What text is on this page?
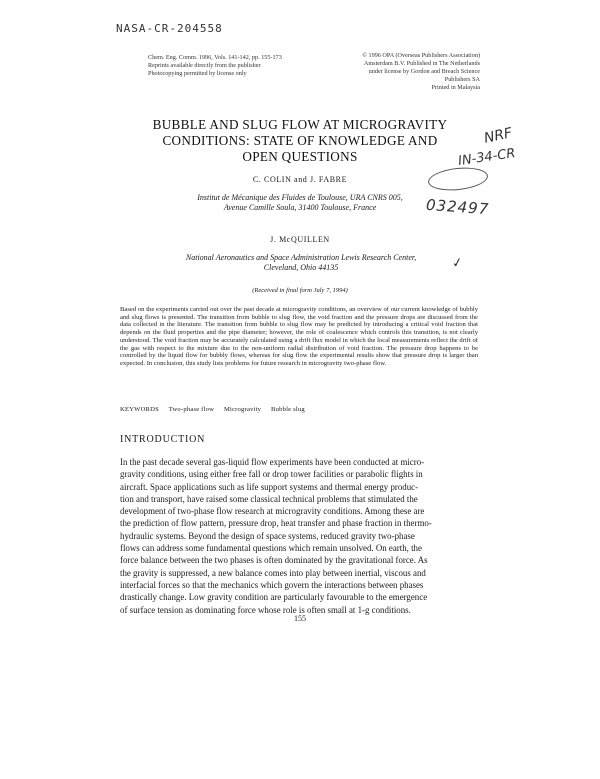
NASA-CR-204558
Chem. Eng. Comm. 1996, Vols. 141-142, pp. 155-173
Reprints available directly from the publisher
Photocopying permitted by license only
© 1996 OPA (Overseas Publishers Association)
Amsterdam B.V. Published in The Netherlands
under license by Gordon and Breach Science
Publishers SA
Printed in Malaysia
BUBBLE AND SLUG FLOW AT MICROGRAVITY
CONDITIONS: STATE OF KNOWLEDGE AND
OPEN QUESTIONS
NRF
IN-34-CR
032497
✓
C. COLIN and J. FABRE
Institut de Mécanique des Fluides de Toulouse, URA CNRS 005,
Avenue Camille Soula, 31400 Toulouse, France
J. McQUILLEN
National Aeronautics and Space Administration Lewis Research Center,
Cleveland, Ohio 44135
(Received in final form July 7, 1994)
Based on the experiments carried out over the past decade at microgravity conditions, an overview of our current knowledge of bubbly and slug flows is presented. The transition from bubble to slug flow, the void fraction and the pressure drops are discussed from the data collected in the literature. The transition from bubble to slug flow may be predicted by introducing a critical void fraction that depends on the fluid properties and the pipe diameter; however, the role of coalescence which controls this transition, is not clearly understood. The void fraction may be accurately calculated using a drift flux model in which the local measurements reflect the drift of the gas with respect to the mixture due to the non-uniform radial distribution of void fraction. The pressure drop happens to be controlled by the liquid flow for bubbly flows, whereas for slug flow the experimental results show that pressure drop is larger than expected. In conclusion, this study lists problems for future research in microgravity two-phase flow.
KEYWORDS Two-phase flow Microgravity Bubble slug
INTRODUCTION
In the past decade several gas-liquid flow experiments have been conducted at micro-
gravity conditions, using either free fall or drop tower facilities or parabolic flights in
aircraft. Space applications such as life support systems and thermal energy produc-
tion and transport, have raised some classical technical problems that stimulated the
development of two-phase flow research at microgravity conditions. Among these are
the prediction of flow pattern, pressure drop, heat transfer and phase fraction in thermo-
hydraulic systems. Beyond the design of space systems, reduced gravity two-phase
flows can address some fundamental questions which remain unsolved. On earth, the
force balance between the two phases is often dominated by the gravitational force. As
the gravity is suppressed, a new balance comes into play between inertial, viscous and
interfacial forces so that the mechanics which govern the interactions between phases
drastically change. Low gravity condition are particularly favourable to the emergence
of surface tension as dominating force whose role is often small at 1-g conditions.
155
